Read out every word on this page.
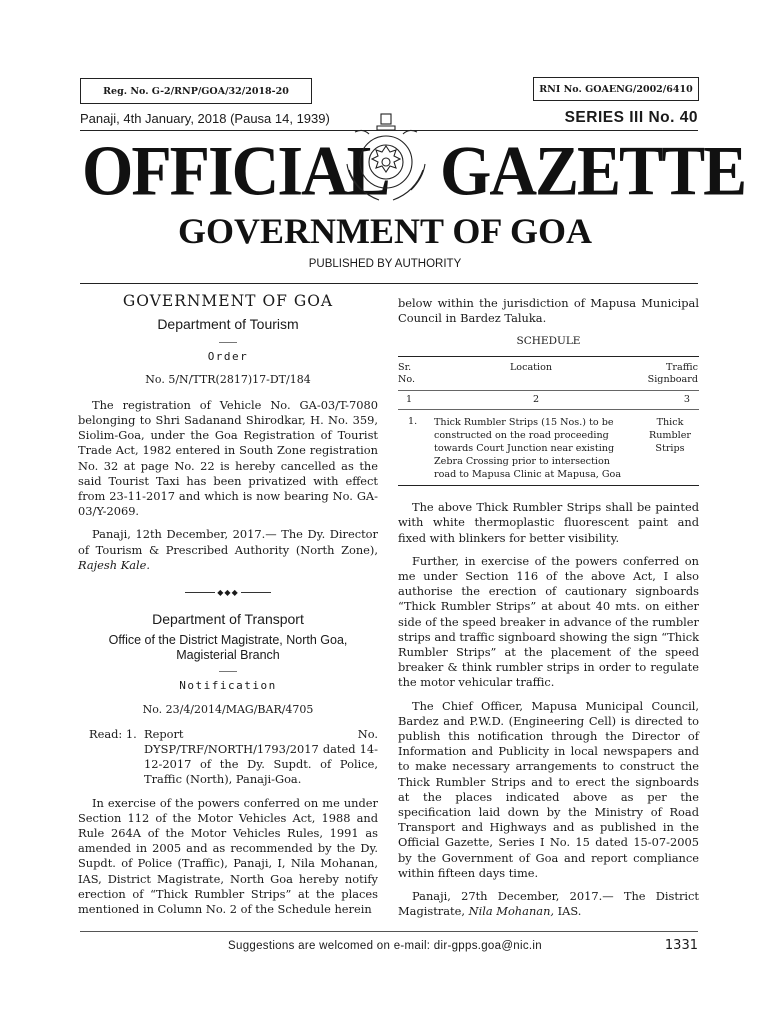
Reg. No. G-2/RNP/GOA/32/2018-20	RNI No. GOAENG/2002/6410
Panaji, 4th January, 2018 (Pausa 14, 1939)	SERIES III No. 40
OFFICIAL GAZETTE
GOVERNMENT OF GOA
PUBLISHED BY AUTHORITY
GOVERNMENT OF GOA
Department of Tourism
Order
No. 5/N/TTR(2817)17-DT/184

The registration of Vehicle No. GA-03/T-7080 belonging to Shri Sadanand Shirodkar, H. No. 359, Siolim-Goa, under the Goa Registration of Tourist Trade Act, 1982 entered in South Zone registration No. 32 at page No. 22 is hereby cancelled as the said Tourist Taxi has been privatized with effect from 23-11-2017 and which is now bearing No. GA-03/Y-2069.

Panaji, 12th December, 2017.— The Dy. Director of Tourism & Prescribed Authority (North Zone), Rajesh Kale.

◆◆◆
Department of Transport
Office of the District Magistrate, North Goa, Magisterial Branch
Notification
No. 23/4/2014/MAG/BAR/4705
Read: 1. Report No. DYSP/TRF/NORTH/1793/2017 dated 14-12-2017 of the Dy. Supdt. of Police, Traffic (North), Panaji-Goa.

In exercise of the powers conferred on me under Section 112 of the Motor Vehicles Act, 1988 and Rule 264A of the Motor Vehicles Rules, 1991 as amended in 2005 and as recommended by the Dy. Supdt. of Police (Traffic), Panaji, I, Nila Mohanan, IAS, District Magistrate, North Goa hereby notify erection of “Thick Rumbler Strips” at the places mentioned in Column No. 2 of the Schedule herein

below within the jurisdiction of Mapusa Municipal Council in Bardez Taluka.

SCHEDULE
Sr. No.	Location	Traffic Signboard
1	2	3
1.	Thick Rumbler Strips (15 Nos.) to be constructed on the road proceeding towards Court Junction near existing Zebra Crossing prior to intersection road to Mapusa Clinic at Mapusa, Goa	Thick Rumbler Strips

The above Thick Rumbler Strips shall be painted with white thermoplastic fluorescent paint and fixed with blinkers for better visibility.

Further, in exercise of the powers conferred on me under Section 116 of the above Act, I also authorise the erection of cautionary signboards “Thick Rumbler Strips” at about 40 mts. on either side of the speed breaker in advance of the rumbler strips and traffic signboard showing the sign “Thick Rumbler Strips” at the placement of the speed breaker & think rumbler strips in order to regulate the motor vehicular traffic.

The Chief Officer, Mapusa Municipal Council, Bardez and P.W.D. (Engineering Cell) is directed to publish this notification through the Director of Information and Publicity in local newspapers and to make necessary arrangements to construct the Thick Rumbler Strips and to erect the signboards at the places indicated above as per the specification laid down by the Ministry of Road Transport and Highways and as published in the Official Gazette, Series I No. 15 dated 15-07-2005 by the Government of Goa and report compliance within fifteen days time.

Panaji, 27th December, 2017.— The District Magistrate, Nila Mohanan, IAS.

Suggestions are welcomed on e-mail: dir-gpps.goa@nic.in	1331
